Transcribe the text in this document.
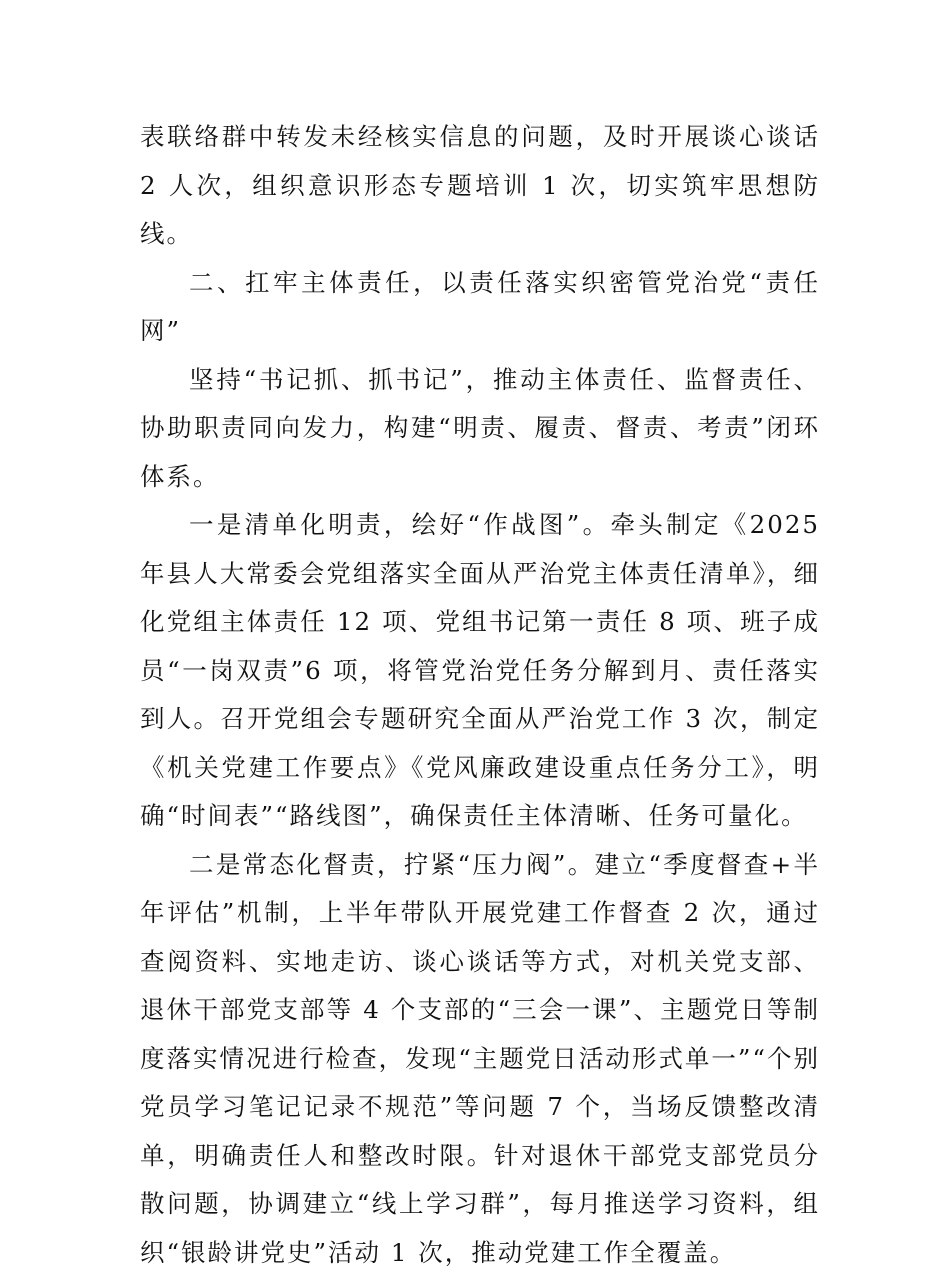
表联络群中转发未经核实信息的问题，及时开展谈心谈话 2 人次，组织意识形态专题培训 1 次，切实筑牢思想防线。

二、扛牢主体责任，以责任落实织密管党治党“责任网”

坚持“书记抓、抓书记”，推动主体责任、监督责任、协助职责同向发力，构建“明责、履责、督责、考责”闭环体系。

一是清单化明责，绘好“作战图”。牵头制定《2025 年县人大常委会党组落实全面从严治党主体责任清单》，细化党组主体责任 12 项、党组书记第一责任 8 项、班子成员“一岗双责”6 项，将管党治党任务分解到月、责任落实到人。召开党组会专题研究全面从严治党工作 3 次，制定《机关党建工作要点》《党风廉政建设重点任务分工》，明确“时间表”“路线图”，确保责任主体清晰、任务可量化。

二是常态化督责，拧紧“压力阀”。建立“季度督查+半年评估”机制，上半年带队开展党建工作督查 2 次，通过查阅资料、实地走访、谈心谈话等方式，对机关党支部、退休干部党支部等 4 个支部的“三会一课”、主题党日等制度落实情况进行检查，发现“主题党日活动形式单一”“个别党员学习笔记记录不规范”等问题 7 个，当场反馈整改清单，明确责任人和整改时限。针对退休干部党支部党员分散问题，协调建立“线上学习群”，每月推送学习资料，组织“银龄讲党史”活动 1 次，推动党建工作全覆盖。
